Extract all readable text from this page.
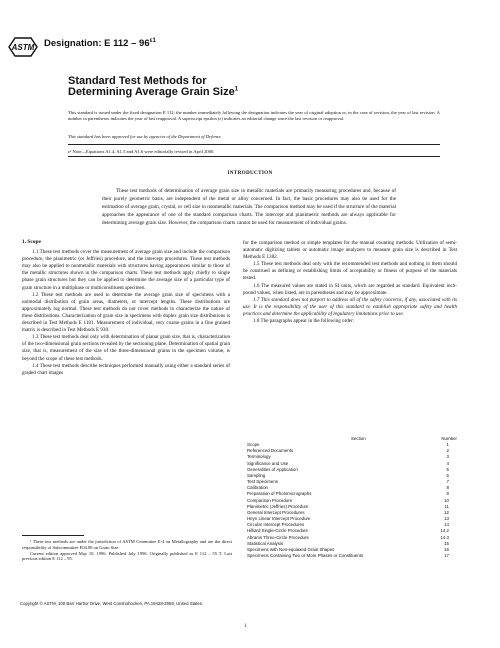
ASTM Designation: E $112 - 96^{\varepsilon 1}$
Standard Test Methods for
Determining Average Grain Size$^1$
This standard is issued under the fixed designation E 112; the number immediately following the designation indicates the year of original adoption or, in the case of revision, the year of last revision. A number in parentheses indicates the year of last reapproval. A superscript epsilon (ε) indicates an editorial change since the last revision or reapproval.
This standard has been approved for use by agencies of the Department of Defense.
ε¹ Note—Equations A1.4, A1.5 and A1.6 were editorially revised in April 2000.
INTRODUCTION
These test methods of determination of average grain size in metallic materials are primarily measuring procedures and, because of their purely geometric basis, are independent of the metal or alloy concerned. In fact, the basic procedures may also be used for the estimation of average grain, crystal, or cell size in nonmetallic materials. The comparison method may be used if the structure of the material approaches the appearance of one of the standard comparison charts. The intercept and planimetric methods are always applicable for determining average grain size. However, the comparison charts cannot be used for measurement of individual grains.

1. Scope

1.1 These test methods cover the measurement of average grain size and include the comparison procedure, the planimetric (or Jeffries) procedure, and the intercept procedures. These test methods may also be applied to nonmetallic materials with structures having appearances similar to those of the metallic structures shown in the comparison charts. These test methods apply chiefly to single phase grain structures but they can be applied to determine the average size of a particular type of grain structure in a multiphase or multiconstituent specimen.

1.2 These test methods are used to determine the average grain size of specimens with a unimodal distribution of grain areas, diameters, or intercept lengths. These distributions are approximately log normal. These test methods do not cover methods to characterize the nature of these distributions. Characterization of grain size in specimens with duplex grain size distributions is described in Test Methods E 1181. Measurement of individual, very coarse grains in a fine grained matrix is described in Test Methods E 930.

1.3 These test methods deal only with determination of planar grain size, that is, characterization of the two-dimensional grain sections revealed by the sectioning plane. Determination of spatial grain size, that is, measurement of the size of the three-dimensional grains in the specimen volume, is beyond the scope of these test methods.

1.4 These test methods describe techniques performed manually using either a standard series of graded chart images

for the comparison method or simple templates for the manual counting methods. Utilization of semi-automatic digitizing tablets or automatic image analyzers to measure grain size is described in Test Methods E 1382.

1.5 These test methods deal only with the recommended test methods and nothing in them should be construed as defining or establishing limits of acceptability or fitness of purpose of the materials tested.

1.6 The measured values are stated in SI units, which are regarded as standard. Equivalent inch-pound values, when listed, are in parentheses and may be approximate.

1.7 This standard does not purport to address all of the safety concerns, if any, associated with its use. It is the responsibility of the user of this standard to establish appropriate safety and health practices and determine the applicability of regulatory limitations prior to use.

1.8 The paragraphs appear in the following order:

Section	Number
Scope	1
Referenced Documents	2
Terminology	3
Significance and Use	4
Generalities of Application	5
Sampling	6
Test Specimens	7
Calibration	8
Preparation of Photomicrographs	9
Comparison Procedure	10
Planimetric (Jeffries) Procedure	11
General Intercept Procedures	12
Heyn Linear Intercept Procedure	13
Circular Intercept Procedures	14
Hilliard Single-Circle Procedure	14.2
Abrams Three-Circle Procedure	14.3
Statistical Analysis	15
Specimens with Non-equiaxed Grain Shapes	16
Specimens Containing Two or More Phases or Constituents	17

¹ These test methods are under the jurisdiction of ASTM Committee E-4 on Metallography and are the direct responsibility of Subcommittee E04.08 on Grain Size.

Current edition approved May 10, 1996. Published July 1996. Originally published as E 112 – 55 T. Last previous edition E 112 – 95.

Copyright © ASTM, 100 Barr Harbor Drive, West Conshohocken, PA 19428-2959, United States.
1
